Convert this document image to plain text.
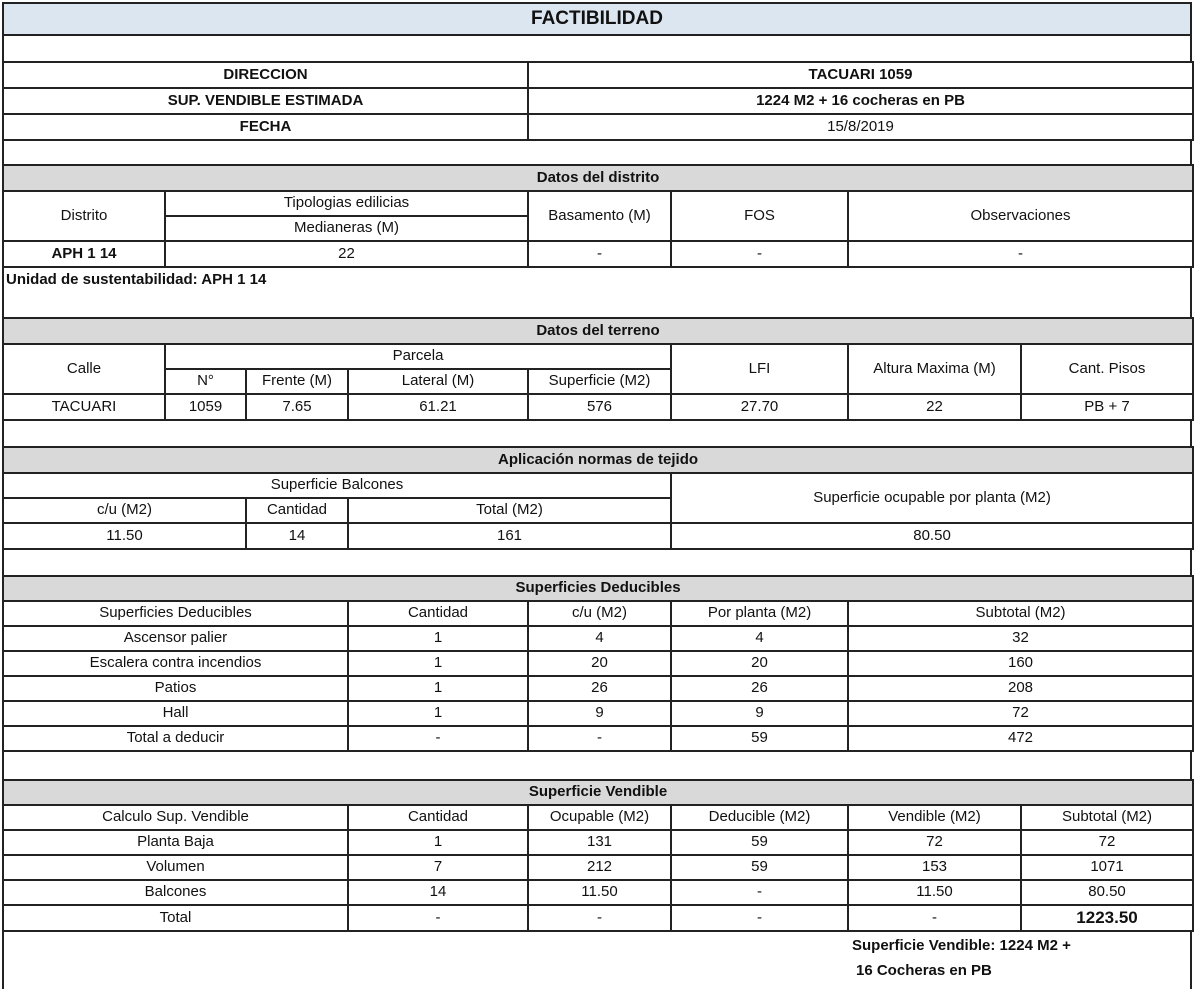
FACTIBILIDAD
DIRECCION	TACUARI 1059
SUP. VENDIBLE ESTIMADA	1224 M2 + 16 cocheras en PB
FECHA	15/8/2019
Datos del distrito				
Distrito	Tipologias edilicias	Basamento (M)	FOS	Observaciones
	Medianeras (M)			
APH 1 14	22	-	-	-
Unidad de sustentabilidad: APH 1 14
Datos del terreno							
Calle	Parcela				LFI	Altura Maxima (M)	Cant. Pisos
	N°	Frente (M)	Lateral (M)	Superficie (M2)			
TACUARI	1059	7.65	61.21	576	27.70	22	PB + 7
Aplicación normas de tejido			
Superficie Balcones			Superficie ocupable por planta (M2)
c/u (M2)	Cantidad	Total (M2)	
11.50	14	161	80.50
Superficies Deducibles				
Superficies Deducibles	Cantidad	c/u (M2)	Por planta (M2)	Subtotal (M2)
Ascensor palier	1	4	4	32
Escalera contra incendios	1	20	20	160
Patios	1	26	26	208
Hall	1	9	9	72
Total a deducir	-	-	59	472
Superficie Vendible					
Calculo Sup. Vendible	Cantidad	Ocupable (M2)	Deducible (M2)	Vendible (M2)	Subtotal (M2)
Planta Baja	1	131	59	72	72
Volumen	7	212	59	153	1071
Balcones	14	11.50	-	11.50	80.50
Total	-	-	-	-	1223.50
Superficie Vendible: 1224 M2 +
16 Cocheras en PB
